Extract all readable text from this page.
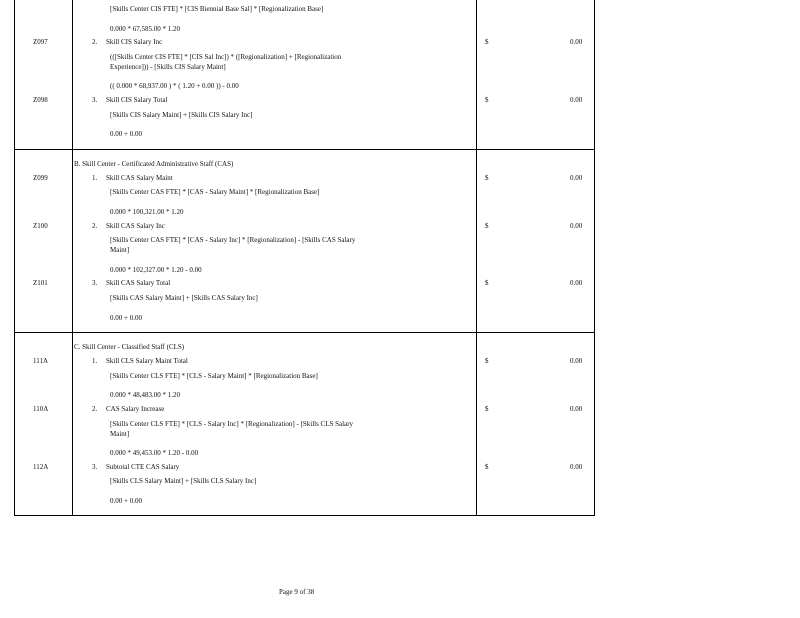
[Skills Center CIS FTE] * [CIS Biennial Base Sal] * [Regionalization Base]
0.000 * 67,585.00 * 1.20
Z097	2. Skill CIS Salary Inc	$	0.00
(([Skills Center CIS FTE] * [CIS Sal Inc]) * ([Regionalization] + [Regionalization
Experience])) - [Skills CIS Salary Maint]
(( 0.000 * 68,937.00 ) * ( 1.20 + 0.00 )) - 0.00
Z098	3. Skill CIS Salary Total	$	0.00
[Skills CIS Salary Maint] + [Skills CIS Salary Inc]
0.00 + 0.00
B. Skill Center - Certificated Administrative Staff (CAS)
Z099	1. Skill CAS Salary Maint	$	0.00
[Skills Center CAS FTE] * [CAS - Salary Maint] * [Regionalization Base]
0.000 * 100,321.00 * 1.20
Z100	2. Skill CAS Salary Inc	$	0.00
[Skills Center CAS FTE] * [CAS - Salary Inc] * [Regionalization] - [Skills CAS Salary
Maint]
0.000 * 102,327.00 * 1.20 - 0.00
Z101	3. Skill CAS Salary Total	$	0.00
[Skills CAS Salary Maint] + [Skills CAS Salary Inc]
0.00 + 0.00
C. Skill Center - Classified Staff (CLS)
111A	1. Skill CLS Salary Maint Total	$	0.00
[Skills Center CLS FTE] * [CLS - Salary Maint] * [Regionalization Base]
0.000 * 48,483.00 * 1.20
110A	2. CAS Salary Increase	$	0.00
[Skills Center CLS FTE] * [CLS - Salary Inc] * [Regionalization] - [Skills CLS Salary
Maint]
0.000 * 49,453.00 * 1.20 - 0.00
112A	3. Subtotal CTE CAS Salary	$	0.00
[Skills CLS Salary Maint] + [Skills CLS Salary Inc]
0.00 + 0.00
Page 9 of 38
